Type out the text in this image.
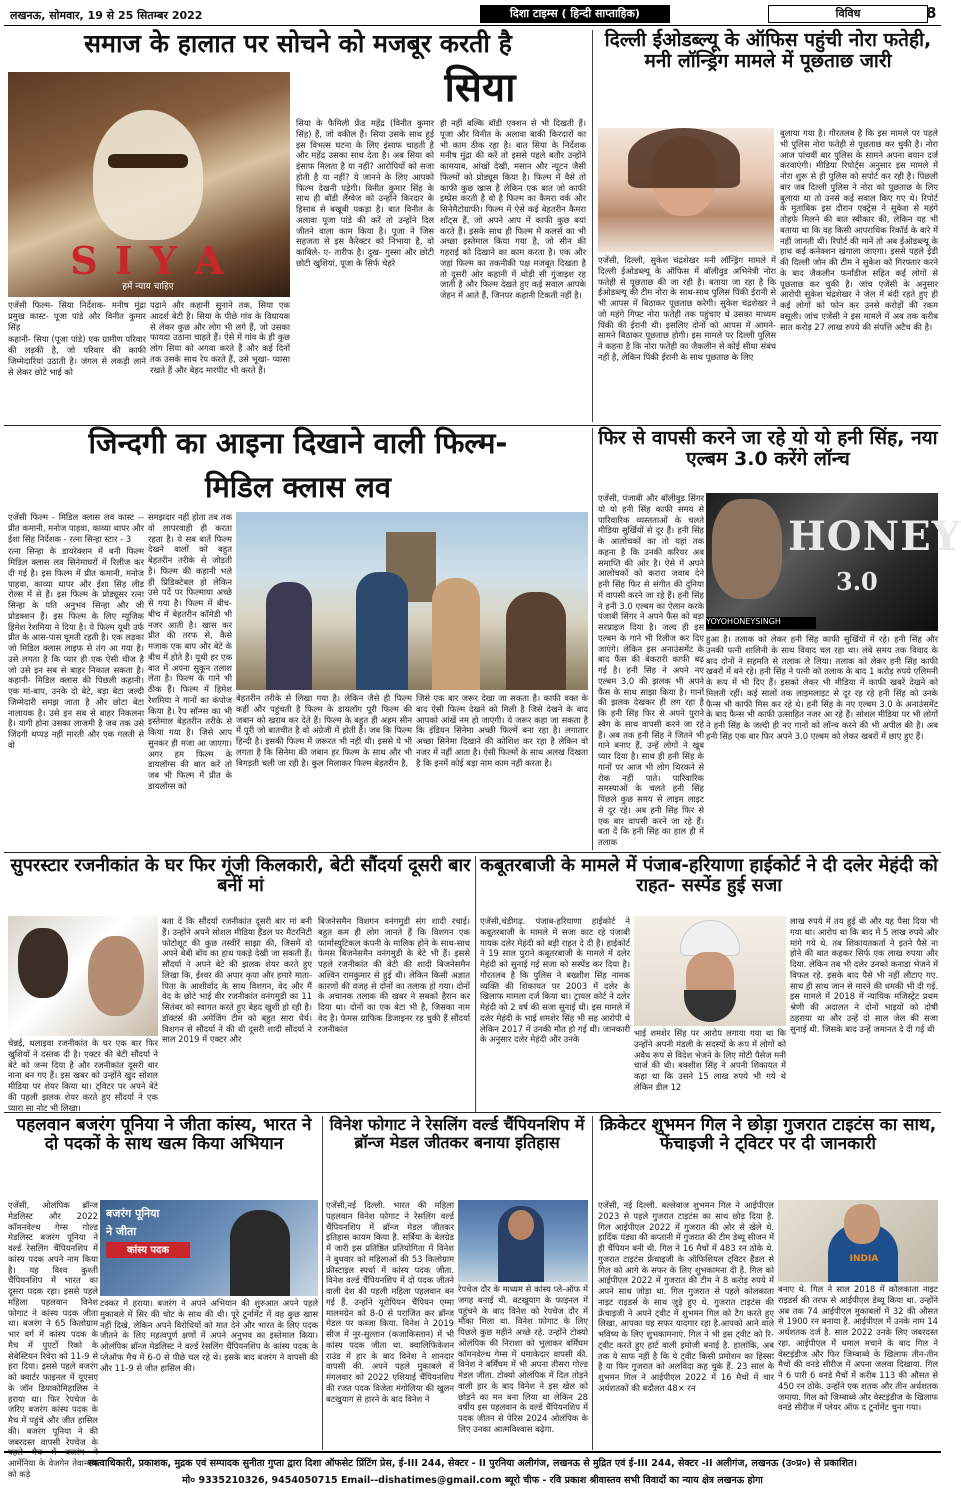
लखनऊ, सोमवार, 19 से 25 सितम्बर 2022	दिशा टाइम्स ( हिन्दी साप्ताहिक)	विविध	8
समाज के हालात पर सोचने को मजबूर करती है
सिया
S I Y A
हमें न्याय चाहिए

एजेंसी फिल्म- सिया निर्देशक- मनीष मुंद्रा प्रमुख कास्ट- पूजा पांडे और विनीत कुमार सिंह

कहानी- सिया (पूजा पांडे) एक ग्रामीण परिवार की लड़की है, जो परिवार की काफी जिम्मेदारियां उठाती है। जंगल से लकड़ी लाने से लेकर छोटे भाई को

पढ़ाने और कहानी सुनाने तक, सिया एक आदर्श बेटी है। सिया के पीछे गांव के विधायक से लेकर कुछ और लोग भी लगे हैं, जो उसका फायदा उठाना चाहते हैं। ऐसे में गांव के ही कुछ लोग सिया को अगवा करते हैं और कई दिनों तक उसके साथ रेप करते हैं, उसे भूखा- प्यासा रखते हैं और बेहद मारपीट भी करते हैं।
सिया के फैमिली फ्रेंड महेंद्र (विनीत कुमार सिंह) हैं, जो वकील हैं। सिया उसके साथ हुई इस विभत्स घटना के लिए इंसाफ चाहती है और महेंद्र उसका साथ देता है। अब सिया को इंसाफ मिलता है या नहीं? आरोपियों को सजा होती है या नहीं? ये जानने के लिए आपको फिल्म देखनी पड़ेगी। विनीत कुमार सिंह के साथ ही बॉडी लैंग्वेज को उन्होंने किरदार के हिसाब से बखूबी पकड़ा है। बात विनीत के अलावा पूजा पांडे की करें तो उन्होंने दिल जीतने वाला काम किया है। पूजा ने जिस सहजता से इस कैरेक्टर को निभाया है, वो काबिले- ए- तारीफ है। दुख- गुस्सा और छोटी छोटी खुशियां, पूजा के सिर्फ चेहरे
ही नहीं बल्कि बॉडी एक्शन से भी दिखती हैं। पूजा और विनीत के अलावा बाकी किरदारों का भी काम ठीक रहा है। बात सिया के निर्देशक मनीष मुंद्रा की करें तो इससे पहले बतौर उन्होंने कामयाब, आंखों देखी, मसान और न्यूटन जैसी फिल्मों को प्रोड्यूस किया है। फिल्म में वैसे तो काफी कुछ खास है लेकिन एक बात जो काफी इम्प्रेस करती है वो है फिल्म का कैमरा वर्क और सिनेमैटोग्राफी। फिल्म में ऐसे कई बेहतरीन कैमरा शॉट्स हैं, जो अपने आप में काफी कुछ बयां करते हैं। इसके साथ ही फिल्म में कलर्स का भी अच्छा इस्तेमाल किया गया है, जो सीन की गहराई को दिखाने का काम करता है। एक और जहां फिल्म का तकनीकी पक्ष मजबूत दिखता है तो दूसरी ओर कहानी में थोड़ी सी गुंजाइश रह जाती है और फिल्म देखते हुए कई सवाल आपके जेहन में आते हैं, जिनपर कहानी टिकती नहीं है।
दिल्ली ईओडब्ल्यू के ऑफिस पहुंची नोरा फतेही, मनी लॉन्ड्रिंग मामले में पूछताछ जारी
एजेंसी, दिल्ली, सुकेश चंद्रशेखर मनी लॉन्ड्रिंग मामले में दिल्ली ईओडब्ल्यू के ऑफिस में बॉलीवुड अभिनेत्री नोरा फतेही से पूछताछ की जा रही है। बताया जा रहा है कि ईओडब्ल्यू की टीम नोरा के साथ-साथ पुलिस पिंकी ईरानी से भी आपस में बिठाकर पूछताछ करेगी। सुकेश चंद्रशेखर ने जो महंगे गिफ्ट नोरा फतेही तक पहुंचाए थे उसका माध्यम पिंकी की ईरानी थी। इसलिए दोनों को आपस में आमने-सामने बिठाकर पूछताछ होगी। इस मामले पर दिल्ली पुलिस ने कहना है कि नोरा फतेही का जैकलीन से कोई सीधा संबंध नहीं है, लेकिन पिंकी ईरानी के साथ पूछताछ के लिए
बुलाया गया है। गौरतलब है कि इस मामले पर पहले भी पुलिस नोरा फतेही से पूछताछ कर चुकी है। नोरा आज पांचवीं बार पुलिस के सामने अपना बयान दर्ज करवाएंगी। मीडिया रिपोर्ट्स अनुसार इस मामले में नोरा शुरू से ही पुलिस को सपोर्ट कर रही है। पिछली बार जब दिल्ली पुलिस ने नोरा को पूछताछ के लिए बुलाया था तो उनसे कई सवाल किए गए थे। रिपोर्ट के मुताबिक इस दौरान एक्ट्रेस ने सुकेश से महंगे तोहफे मिलने की बात स्वीकार की, लेकिन यह भी बताया था कि वह किसी आपराधिक रिकॉर्ड के बारे में नहीं जानती थीं। रिपोर्ट की मानें तो अब ईओडब्ल्यू के हाथ कई कनेक्शन खंगाला जाएगा। इससे पहले ईडी की दिल्ली जोन की टीम ने सुकेश को गिरफ्तार करने के बाद जैकलीन फर्नांडीज सहित कई लोगों से पूछताछ कर चुकी है। जांच एजेंसी के अनुसार आरोपी सुकेश चंद्रशेखर ने जेल में बंदी रहते हुए ही कई लोगों को फोन कर उनसे करोड़ों की रकम वसूली। जांच एजेंसी ने इस मामले में अब तक करीब सात करोड़ 27 लाख रुपये की संपत्ति अटैच की है।
जिन्दगी का आइना दिखाने वाली फिल्म-
मिडिल क्लास लव

एजेंसी फिल्म - मिडिल क्लास लव कास्ट --प्रीत कमानी, मनोज पाहवा, काव्या थापर और ईशा सिंह निर्देशक - रत्ना सिन्हा स्टार - 3

रत्ना सिन्हा के डायरेक्शन में बनी फिल्म मिडिल क्लास लव सिनेमाघरों में रिलीज कर दी गई है। इस फिल्म में प्रीत कमानी, मनोज पाहवा, काव्या थापर और ईशा सिंह लीड रोल्स में से हैं। इस फिल्म के प्रोड्यूसर रत्ना सिन्हा के पति अनुभव सिन्हा और जी प्रोडक्शन हैं। इस फिल्म के लिए म्यूजिक हिमेश रेशमिया ने दिया है। ये फिल्म यूथी उर्फ प्रीत के आस-पास घूमती रहती है। एक लड़का जो मिडिल क्लास लाइफ से तंग आ गया है। उसे लगता है कि प्यार ही एक ऐसी चीज है जो उसे इन सब से बाहर निकाल सकता है। कहानी- मिडिल क्लास की पिछली कहानी। एक मां-बाप, उनके दो बेटे, बड़ा बेटा जल्दी जिम्मेदारी समझ जाता है और छोटा बेटा नालायक है। उसे इन सब से बाहर निकलना है। यागी होना उसका लाजमी है जब तक उसे जिंदगी थप्पड़ नहीं मारती और एक गलती से वो

समझदार नहीं होता तब तक वो लापरवाही ही करता रहता है। ये सब बातें फिल्म देखने वालों को बहुत बेहतरीन तरीके से जोड़ती है। फिल्म की कहानी भले ही प्रिडिक्टेबल हो लेकिन उसे पर्दे पर फिल्माया अच्छे से गया है। फिल्म में बीच-बीच में बेहतरीन कॉमेडी भी नजर आती है। खास कर प्रीत की तरफ से, कैसे मजाक एक बाप और बेटे के बीच में होते हैं। यूथी हर एक बात में अपना सुकून तलाश लेता है। फिल्म के गाने भी ठीक हैं। फिल्म में हिमेश रेशमिया ने गानों का कंपोज किया है। रैप सॉन्ग्स का भी इस्तेमाल बेहतरीन तरीके से किया गया है। जिसे आप सुनकर ही मजा आ जाएगा। अगर हम फिल्म के डायलॉग्स की बात करें तो जब भी फिल्म में प्रीत के डायलॉग्स को
बेहतरीन तरीके से लिखा गया है। लेकिन जैसे ही फिल्म कहीं और पहुंचती है फिल्म के डायलॉग पूरी फिल्म की जबान को खराब कर देते हैं। फिल्म के बहुत ही अहम सीन में पूरी जो बातचीत है वो अंग्रेजी में होती है। जब कि फिल्म हिन्दी है। इसकी फिल्म में जरूरत भी नहीं थी। इससे ये भी लगता है कि सिनेमा की जबान हर फिल्म के साथ और भी बिगड़ती चली जा रही है। कुल मिलाकर फिल्म बेहतरीन है,
जिसे एक बार जरूर देखा जा सकता है। काफी वक्त के बाद ऐसी फिल्म देखने को मिली है जिसे देखने के बाद आपको आंखें नम हो जाएंगी। ये जरूर कहा जा सकता है कि इंडियन सिनेमा अच्छी फिल्में बना रहा है। लगातार अच्छा सिनेमा दिखाने की कोशिश कर रहा है लेकिन वो नजर में नहीं आता है। ऐसी फिल्मों के साथ अलख दिखता है कि इनमें कोई बड़ा नाम काम नहीं करता है।
फिर से वापसी करने जा रहे यो यो हनी सिंह, नया एल्बम 3.0 करेंगे लॉन्च
एजेंसी, पंजाबी और बॉलीवुड सिंगर यो यो हनी सिंह काफी समय से पारिवारिक व्यस्तताओं के चलते मीडिया सुर्खियों से दूर हैं। हनी सिंह के आलोचकों का तो यहां तक कहना है कि उनकी करियर अब समाप्ति की ओर है। ऐसे में अपने आलोचकों को करारा जवाब देने हनी सिंह फिर से संगीत की दुनिया में वापसी करने जा रहे हैं। हनी सिंह ने हनी 3.0 एल्बम का ऐलान करके पंजाबी सिंगर ने अपने फैंस को बड़ा सरप्राइज दिया है। जल्द ही इस एल्बम के गाने भी रिलीज कर दिए जाएंगे। लेकिन इस अनाउंसमेंट के बाद फैंस की बेकरारी काफी बढ़ गई है। हनी सिंह ने अपने नए एल्बम 3.0 की झलक भी अपने फैंस के साथ साझा किया है। गानों की झलक देखकर ही लग रहा है कि हनी सिंह फिर से अपने पुराने स्वैग के साथ वापसी करने जा रहे हैं। अब तक हनी सिंह ने जितने भी गाने बनाए हैं, उन्हें लोगों ने खूब प्यार दिया है। साथ ही हनी सिंह के गानों पर आज भी लोग थिरकने से रोक नहीं पाते। पारिवारिक समस्याओं के चलते हनी सिंह पिछले कुछ समय से लाइम लाइट से दूर रहे। अब हनी सिंह फिर से एक बार वापसी करने जा रहे हैं। बता दें कि हनी सिंह का हाल ही में तलाक
HONEY
3.0
YOYOHONEYSINGH
हुआ है। तलाक को लेकर हनी सिंह काफी सुर्खियों में रहे। हनी सिंह और उनकी पत्नी शालिनी के साथ विवाद चल रहा था। लंबे समय तक विवाद के बाद दोनों ने सहमति से तलाक ले लिया। तलाक को लेकर हनी सिंह काफी खबरों में बने रहे। हनी सिंह ने पत्नी को तलाक के बाद 1 करोड़ रुपये एलिमनी के रूप में भी दिए हैं। इसको लेकर भी मीडिया में काफी खबरें देखने को मिलती रहीं। कई सालों तक लाइमलाइट से दूर रह रहे हनी सिंह को उनके फैन्स भी काफी मिस कर रहे थे। हनी सिंह के नए एल्बम 3.0 के अनाउंसमेंट के बाद फैन्स भी काफी उत्साहित नजर आ रहे हैं। सोशल मीडिया पर भी लोगों ने हनी सिंह के जल्दी ही नए गानों को लॉन्च करने की भी अपील की है। अब हनी सिंह एक बार फिर अपने 3.0 एल्बम को लेकर खबरों में छाए हुए हैं।
सुपरस्टार रजनीकांत के घर फिर गूंजी किलकारी, बेटी सौंदर्या दूसरी बार बनीं मां
चेन्नई, थलाइवा रजनीकांत के घर एक बार फिर खुशियों ने दस्तक दी है। एक्टर की बेटी सौंदर्या ने बेटे को जन्म दिया है और रजनीकांत दूसरी बार नाना बन गए हैं। इस खबर को उन्होंने खुद सोशल मीडिया पर शेयर किया था। ट्विटर पर अपने बेटे की पहली झलक शेयर करते हुए सौंदर्या ने एक प्यारा सा नोट भी लिखा।
बता दें कि सौंदर्या रजनीकांत दूसरी बार मां बनी हैं। उन्होंने अपने सोशल मीडिया हैंडल पर मैटरनिटी फोटोशूट की कुछ तस्वीरें साझा की, जिसमें वो अपने बेबी बॉय का हाथ पकड़े देखी जा सकती हैं। सौंदर्या ने अपने बेटे की झलक शेयर करते हुए लिखा कि, ईश्वर की अपार कृपा और हमारे माता-पिता के आशीर्वाद के साथ विशगन, वेद और मैं वेद के छोटे भाई वीर रजनीकांत वनंगमुडी का 11 सितंबर को स्वागत करते हुए बेहद खुशी हो रही है। डॉक्टर्स की अमेजिंग टीम को बहुत सारा धैर्य। विशगन से सौंदर्या ने की थी दूसरी शादी सौंदर्या ने साल 2019 में एक्टर और
बिजनेसमैन विशगन वनंगमुडी संग शादी रचाई। बहुत कम ही लोग जानते हैं कि विशगन एक फार्मास्युटिकल कंपनी के मालिक होने के साथ-साथ फेमस बिजनेसमैन वनंगमुडी के बेटे भी हैं। इससे पहले रजनीकांत की बेटी की शादी बिजनेसमैन अश्विन रामकुमार से हुई थी। लेकिन किसी अज्ञात कारणों की वजह से दोनों का तलाक हो गया। दोनों के अचानक तलाक की खबर ने सबको हैरान कर दिया था। दोनों का एक बेटा भी है, जिसका नाम वेद है। फेमस ग्राफिक डिजाइनर रह चुकी हैं सौंदर्या रजनीकांत
कबूतरबाजी के मामले में पंजाब-हरियाणा हाईकोर्ट ने दी दलेर मेहंदी को राहत- सस्पेंड हुई सजा
एजेंसी,चंडीगढ़. पंजाब-हरियाणा हाईकोर्ट ने कबूतरबाजी के मामले में सजा काट रहे पंजाबी गायक दलेर मेहंदी को बड़ी राहत दे दी है। हाईकोर्ट ने 19 साल पुराने कबूतरबाजी के मामले में दलेर मेहंदी को सुनाई गई सजा को सस्पेंड कर दिया है। गौरतलब है कि पुलिस ने बख्शीश सिंह नामक व्यक्ति की शिकायत पर 2003 में दलेर के खिलाफ मामला दर्ज किया था। ट्रायल कोर्ट ने दलेर मेहंदी को 2 वर्ष की सजा सुनाई थी। इस मामले में दलेर मेहंदी के भाई शमशेर सिंह भी सह आरोपी थे लेकिन 2017 में उनकी मौत हो गई थी। जानकारी के अनुसार दलेर मेहंदी और उनके
भाई शमशेर सिंह पर आरोप लगाया गया था कि उन्होंने अपनी मंडली के सदस्यों के रूप में लोगों को अवैध रूप से विदेश भेजने के लिए मोटी पैसेज मनी चार्ज की थी। बक्शीश सिंह ने अपनी शिकायत में कहा था कि उसने 15 लाख रुपये भी गये थे लेकिन डील 12
लाख रुपये में तय हुई थी और यह पैसा दिया भी गया था। आरोप था कि बाद में 5 लाख रुपये और मांगे गये थे. तब शिकायतकर्ता ने इतने पैसे ना होने की बात कहकर सिर्फ एक लाख रुपया और दिया. लेकिन तब भी दलेर उनको कनाडा भेजने में विफल रहे. इसके बाद पैसे भी नहीं लौटाए गए. साथ ही साथ जान से मारने की धमकी भी दी गई. इस मामले में 2018 में न्यायिक मजिस्ट्रेट प्रथम श्रेणी की अदालत ने दोनों भाइयों को दोषी ठहराया था और उन्हें दो साल जेल की सजा सुनाई थी. जिसके बाद उन्हें जमानत दे दी गई थी
पहलवान बजरंग पूनिया ने जीता कांस्य, भारत ने दो पदकों के साथ खत्म किया अभियान
एजेंसी, ओलंपिक ब्रॉन्ज मेडलिस्ट और 2022 कॉमनवेल्थ गेम्स गोल्ड मेडलिस्ट बजरंग पूनिया ने वर्ल्ड रेसलिंग चैंपियनशिप में कांस्य पदक अपने नाम किया है। यह विश्व कुश्ती चैंपियनशिप में भारत का दूसरा पदक रहा। इससे पहले महिला पहलवान विनेश फोगाट ने कांस्य पदक जीता था। बजरंग ने 65 किलोग्राम भार वर्ग में कांस्य पदक के मैच में पुएर्टो रिको के सेबेस्टियन रिवेरा को 11-9 से हरा दिया। इससे पहले बजरंग को क्वार्टर फाइनल में यूएसए के जॉन डियाकोमिहालिस ने हराया था। फिर रेपचेज के जरिए बजरंग कांस्य पदक के मैच में पहुंचे और जीत हासिल की। बजरंग पूनिया ने की जबरदस्त वापसी रेपचेज के पहले मैच में बजरंग ने आर्मेनिया के वेजगेन तेवान्यान को कड़े
बजरंग पूनिया
ने जीता
कांस्य पदक
टक्कर में हराया। बजरंग ने अपने अभियान की शुरुआत अपने पहले मुकाबले में सिर की चोट के साथ की थी। पूरे टूर्नामेंट में वह कुछ खास नहीं दिखे, लेकिन अपने विरोधियों को मात देने और भारत के लिए पदक जीतने के लिए महत्वपूर्ण क्षणों में अपने अनुभव का इस्तेमाल किया। ओलंपिक ब्रॉन्ज मेडलिस्ट ने वर्ल्ड रेसलिंग चैंपियनशिप के कांस्य पदक के प्लेऑफ मैच में 6-0 से पीछे चल रहे थे। इसके बाद बजरंग ने वापसी की और 11-9 से जीत हासिल की।
विनेश फोगाट ने रेसलिंग वर्ल्ड चैंपियनशिप में ब्रॉन्ज मेडल जीतकर बनाया इतिहास
एजेंसी,नई दिल्ली. भारत की महिला पहलवान विनेश फोगाट ने रेसलिंग वर्ल्ड चैंपियनशिप में ब्रॉन्ज मेडल जीतकर इतिहास कायम किया है. सर्बिया के बेलग्रेड में जारी इस प्रतिष्ठित प्रतियोगिता में विनेश ने बुधवार को महिलाओं की 53 किलोग्राम फ्रीस्टाइल स्पर्धा में कांस्य पदक जीता. विनेश वर्ल्ड चैंपियनशिप में दो पदक जीतने वाली देश की पहली महिला पहलवान बन गई हैं. उन्होंने यूरोपियन चैंपियन एम्मा मालमग्रेन को 8-0 से पराजित कर ब्रॉन्ज मेडल पर कब्जा किया. विनेश ने 2019 सीज में नूर-सुल्तान (कजाकिस्तान) में भी कांस्य पदक जीता था. क्वालिफिकेशन राउंड में हार के बाद विनेश ने शानदार वापसी की. अपने पहले मुकाबले में मंगलवार को 2022 एशियाई चैंपियनशिप की रजत पदक विजेता मंगोलिया की खुलन बटखुयाग से हारने के बाद विनेश ने
रेपचेज दौर के माध्यम से कांस्य प्ले-ऑफ में जगह बनाई थी. बटखुयाग के फाइनल में पहुंचने के बाद विनेश को रेपचेज दौर में मौका मिला था. विनेश फोगाट के लिए पिछले कुछ महीने अच्छे रहे. उन्होंने टोक्यो ओलंपिक की निराशा को भुलाकर बर्मिंघम कॉमनवेल्थ गेम्स में धमाकेदार वापसी की. विनेश ने बर्मिंघम में भी अपना तीसरा गोल्ड मेडल जीता. टोक्यो ओलंपिक में दिल तोड़ने वाली हार के बाद विनेश ने इस खेल को छोड़ने का मन बना लिया था लेकिन 28 वर्षीय इस पहलवान के वर्ल्ड चैंपियनशिप में पदक जीतन से पेरिस 2024 ओलंपिक के लिए उनका आत्मविश्वास बढ़ेगा.
क्रिकेटर शुभमन गिल ने छोड़ा गुजरात टाइटंस का साथ, फेंचाइजी ने ट्विटर पर दी जानकारी
एजेंसी, नई दिल्ली. बल्लेबाज शुभमन गिल ने आईपीएल 2023 से पहले गुजरात टाइटंस का साथ छोड़ दिया है. गिल आईपीएल 2022 में गुजरात की ओर से खेले थे. हार्दिक पंड्या की कप्तानी में गुजरात की टीम डेब्यू सीजन में ही चैंपियन बनी थी. गिल ने 16 मैचों में 483 रन ठोके थे. गुजरात टाइटंस फ्रेंचाइजी के ऑफिशियल ट्विटर हैंडल से गिल को आगे के सफर के लिए शुभकामना दी है. गिल को आईपीएल 2022 में गुजरात की टीम ने 8 करोड़ रुपये में अपने साथ जोड़ा था. गिल गुजरात से पहले कोलकाता नाइट राइडर्स के साथ जुड़े हुए थे. गुजरात टाइटंस की फ्रेंचाइजी ने अपने ट्वीट में शुभमन गिल को टैग करते हुए लिखा, आपका यह सफर यादगार रहा है.आपको आने वाले भविष्य के लिए शुभकामनाएं. गिल ने भी इस ट्वीट को रि-ट्वीट करते हुए हार्ट वाली इमोजी बनाई है. हालांकि, अब तक ये साफ नहीं है कि ये ट्वीट किसी प्रमोशन का हिस्सा है या फिर गुजरात को अलविदा कह चुके हैं. 23 साल के शुभमन गिल ने आईपीएल 2022 में 16 मैचों में चार अर्धशतकों की बदौलत 48× रन
INDIA
बनाए थे. गिल ने साल 2018 में कोलकाता नाइट राइडर्स की तरफ से आईपीएल डेब्यू किया था. उन्होंने अब तक 74 आईपीएल मुकाबलों में 32 की औसत से 1900 रन बनाया है. आईपीएल में उनके नाम 14 अर्धशतक दर्ज है. साल 2022 उनके लिए जबरदस्त रहा. आईपीएल में धमाल मचाने के बाद गिल ने वेस्टइंडीज और फिर जिम्बाब्वे के खिलाफ तीन-तीन मैचों की वनडे सीरीज में अपना जलवा दिखाया. गिल ने 6 पारी 6 वनडे मैचों में करीब 113 की औसत से 450 रन ठोके. उन्होंने एक शतक और तीन अर्धशतक जमाया. गिल को जिम्बाब्वे और वेस्टइंडीज के खिलाफ वनडे सीरीज में प्लेयर ऑफ द टूर्नामेंट चुना गया।
स्वत्वाधिकारी, प्रकाशक, मुद्रक एवं सम्पादक सुनीता गुप्ता द्वारा दिशा ऑफसेट प्रिंटिंग प्रेस, ई-III 244, सेक्टर - II पुरनिया अलीगंज, लखनऊ से मुद्रित एवं ई-III 244, सेक्टर -II अलीगंज, लखनऊ (उ०प्र०) से प्रकाशित।
मो० 9335210326, 9454050715 Email--dishatimes@gmail.com ब्यूरो चीफ - रवि प्रकाश श्रीवास्तव सभी विवादों का न्याय क्षेत्र लखनऊ होगा
